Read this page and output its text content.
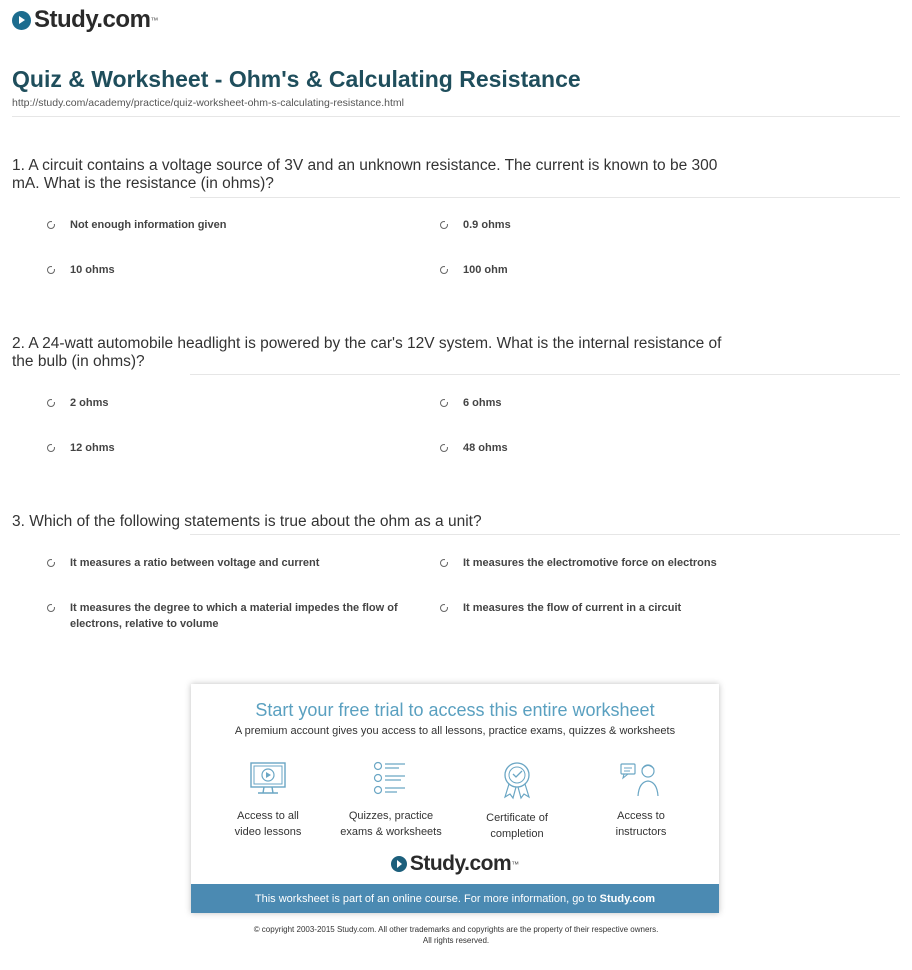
Study.com ™
Quiz & Worksheet - Ohm's & Calculating Resistance
http://study.com/academy/practice/quiz-worksheet-ohm-s-calculating-resistance.html

1. A circuit contains a voltage source of 3V and an unknown resistance. The current is known to be 300 mA. What is the resistance (in ohms)?

Not enough information given	0.9 ohms
10 ohms	100 ohm

2. A 24-watt automobile headlight is powered by the car's 12V system. What is the internal resistance of the bulb (in ohms)?

2 ohms	6 ohms
12 ohms	48 ohms

3. Which of the following statements is true about the ohm as a unit?

It measures a ratio between voltage and current	It measures the electromotive force on electrons
It measures the degree to which a material impedes the flow of electrons, relative to volume
It measures the flow of current in a circuit
Start your free trial to access this entire worksheet
A premium account gives you access to all lessons, practice exams, quizzes & worksheets
Access to all
video lessons
Quizzes, practice
exams & worksheets
Certificate of
completion
Access to
instructors
Study.com ™
This worksheet is part of an online course. For more information, go to Study.com
© copyright 2003-2015 Study.com. All other trademarks and copyrights are the property of their respective owners.
All rights reserved.
